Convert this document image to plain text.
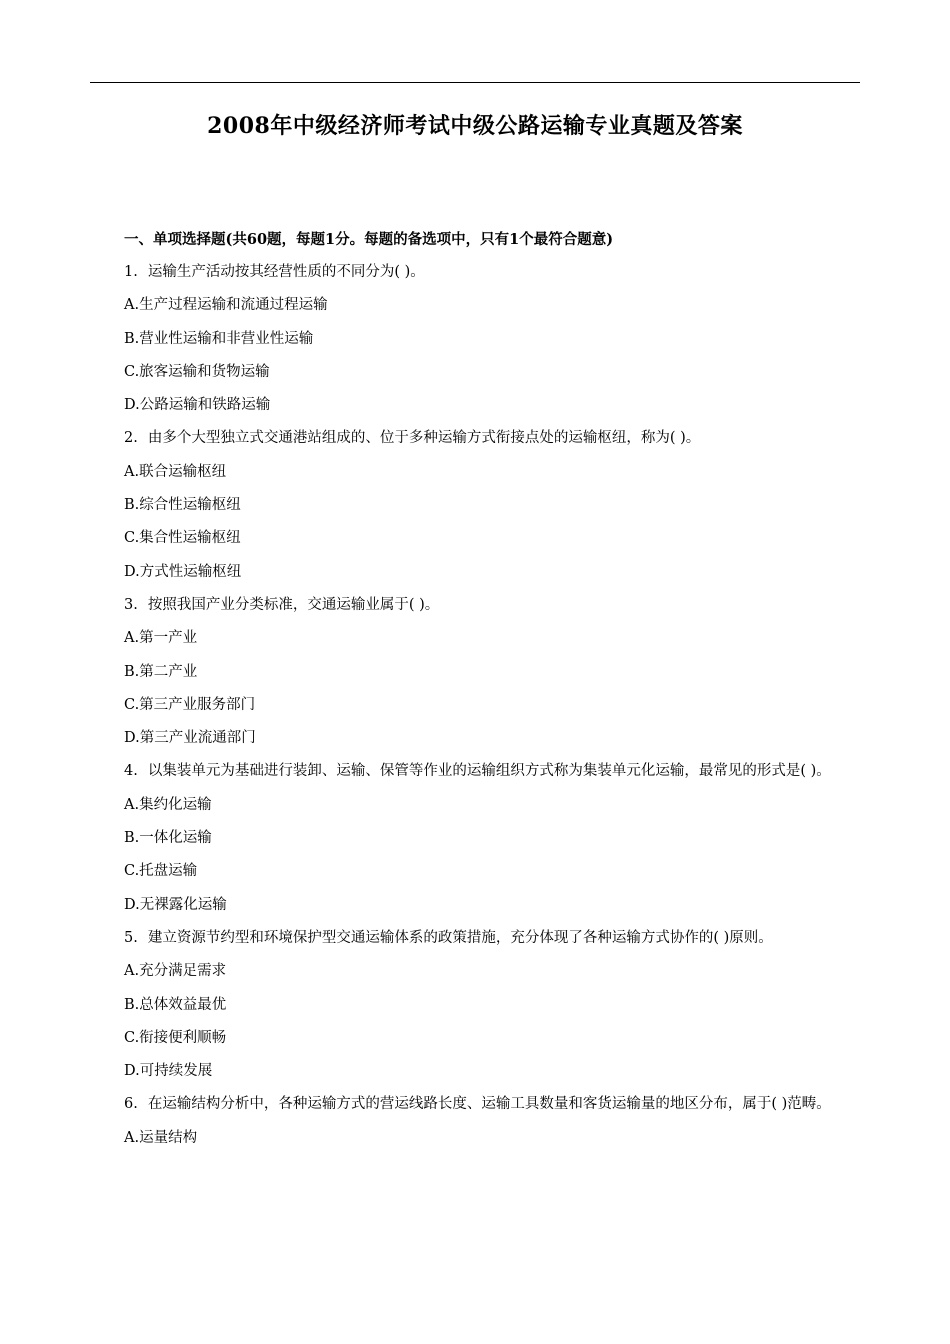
2008年中级经济师考试中级公路运输专业真题及答案

一、单项选择题(共60题，每题1分。每题的备选项中，只有1个最符合题意)

1. 运输生产活动按其经营性质的不同分为( )。

A.生产过程运输和流通过程运输

B.营业性运输和非营业性运输

C.旅客运输和货物运输

D.公路运输和铁路运输

2. 由多个大型独立式交通港站组成的、位于多种运输方式衔接点处的运输枢纽，称为( )。

A.联合运输枢纽

B.综合性运输枢纽

C.集合性运输枢纽

D.方式性运输枢纽

3. 按照我国产业分类标准，交通运输业属于( )。

A.第一产业

B.第二产业

C.第三产业服务部门

D.第三产业流通部门

4. 以集装单元为基础进行装卸、运输、保管等作业的运输组织方式称为集装单元化运输，最常见的形式是( )。

A.集约化运输

B.一体化运输

C.托盘运输

D.无裸露化运输

5. 建立资源节约型和环境保护型交通运输体系的政策措施，充分体现了各种运输方式协作的( )原则。

A.充分满足需求

B.总体效益最优

C.衔接便利顺畅

D.可持续发展

6. 在运输结构分析中，各种运输方式的营运线路长度、运输工具数量和客货运输量的地区分布，属于( )范畴。

A.运量结构
